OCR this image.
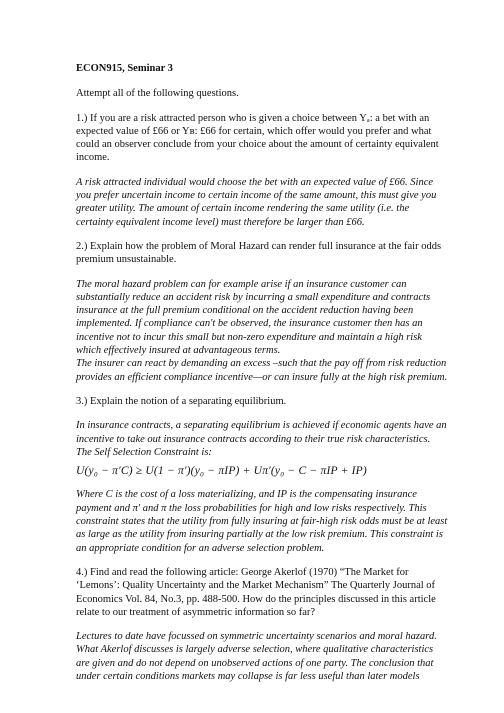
ECON915, Seminar 3

Attempt all of the following questions.

1.) If you are a risk attracted person who is given a choice between Yₐ: a bet with an expected value of £66 or Yʙ: £66 for certain, which offer would you prefer and what could an observer conclude from your choice about the amount of certainty equivalent income.

A risk attracted individual would choose the bet with an expected value of £66. Since you prefer uncertain income to certain income of the same amount, this must give you greater utility. The amount of certain income rendering the same utility (i.e. the certainty equivalent income level) must therefore be larger than £66.

2.) Explain how the problem of Moral Hazard can render full insurance at the fair odds premium unsustainable.

The moral hazard problem can for example arise if an insurance customer can substantially reduce an accident risk by incurring a small expenditure and contracts insurance at the full premium conditional on the accident reduction having been implemented. If compliance can't be observed, the insurance customer then has an incentive not to incur this small but non-zero expenditure and maintain a high risk which effectively insured at advantageous terms.

The insurer can react by demanding an excess –such that the pay off from risk reduction provides an efficient compliance incentive—or can insure fully at the high risk premium.

3.) Explain the notion of a separating equilibrium.

In insurance contracts, a separating equilibrium is achieved if economic agents have an incentive to take out insurance contracts according to their true risk characteristics. The Self Selection Constraint is:

U(y₀ − π′C) ≥ U(1 − π′)(y₀ − πIP) + Uπ′(y₀ − C − πIP + IP)

Where C is the cost of a loss materializing, and IP is the compensating insurance payment and π′ and π the loss probabilities for high and low risks respectively. This constraint states that the utility from fully insuring at fair-high risk odds must be at least as large as the utility from insuring partially at the low risk premium. This constraint is an appropriate condition for an adverse selection problem.

4.) Find and read the following article: George Akerlof (1970) “The Market for ‘Lemons’: Quality Uncertainty and the Market Mechanism” The Quarterly Journal of Economics Vol. 84, No.3, pp. 488-500. How do the principles discussed in this article relate to our treatment of asymmetric information so far?

Lectures to date have focussed on symmetric uncertainty scenarios and moral hazard. What Akerlof discusses is largely adverse selection, where qualitative characteristics are given and do not depend on unobserved actions of one party. The conclusion that under certain conditions markets may collapse is far less useful than later models
